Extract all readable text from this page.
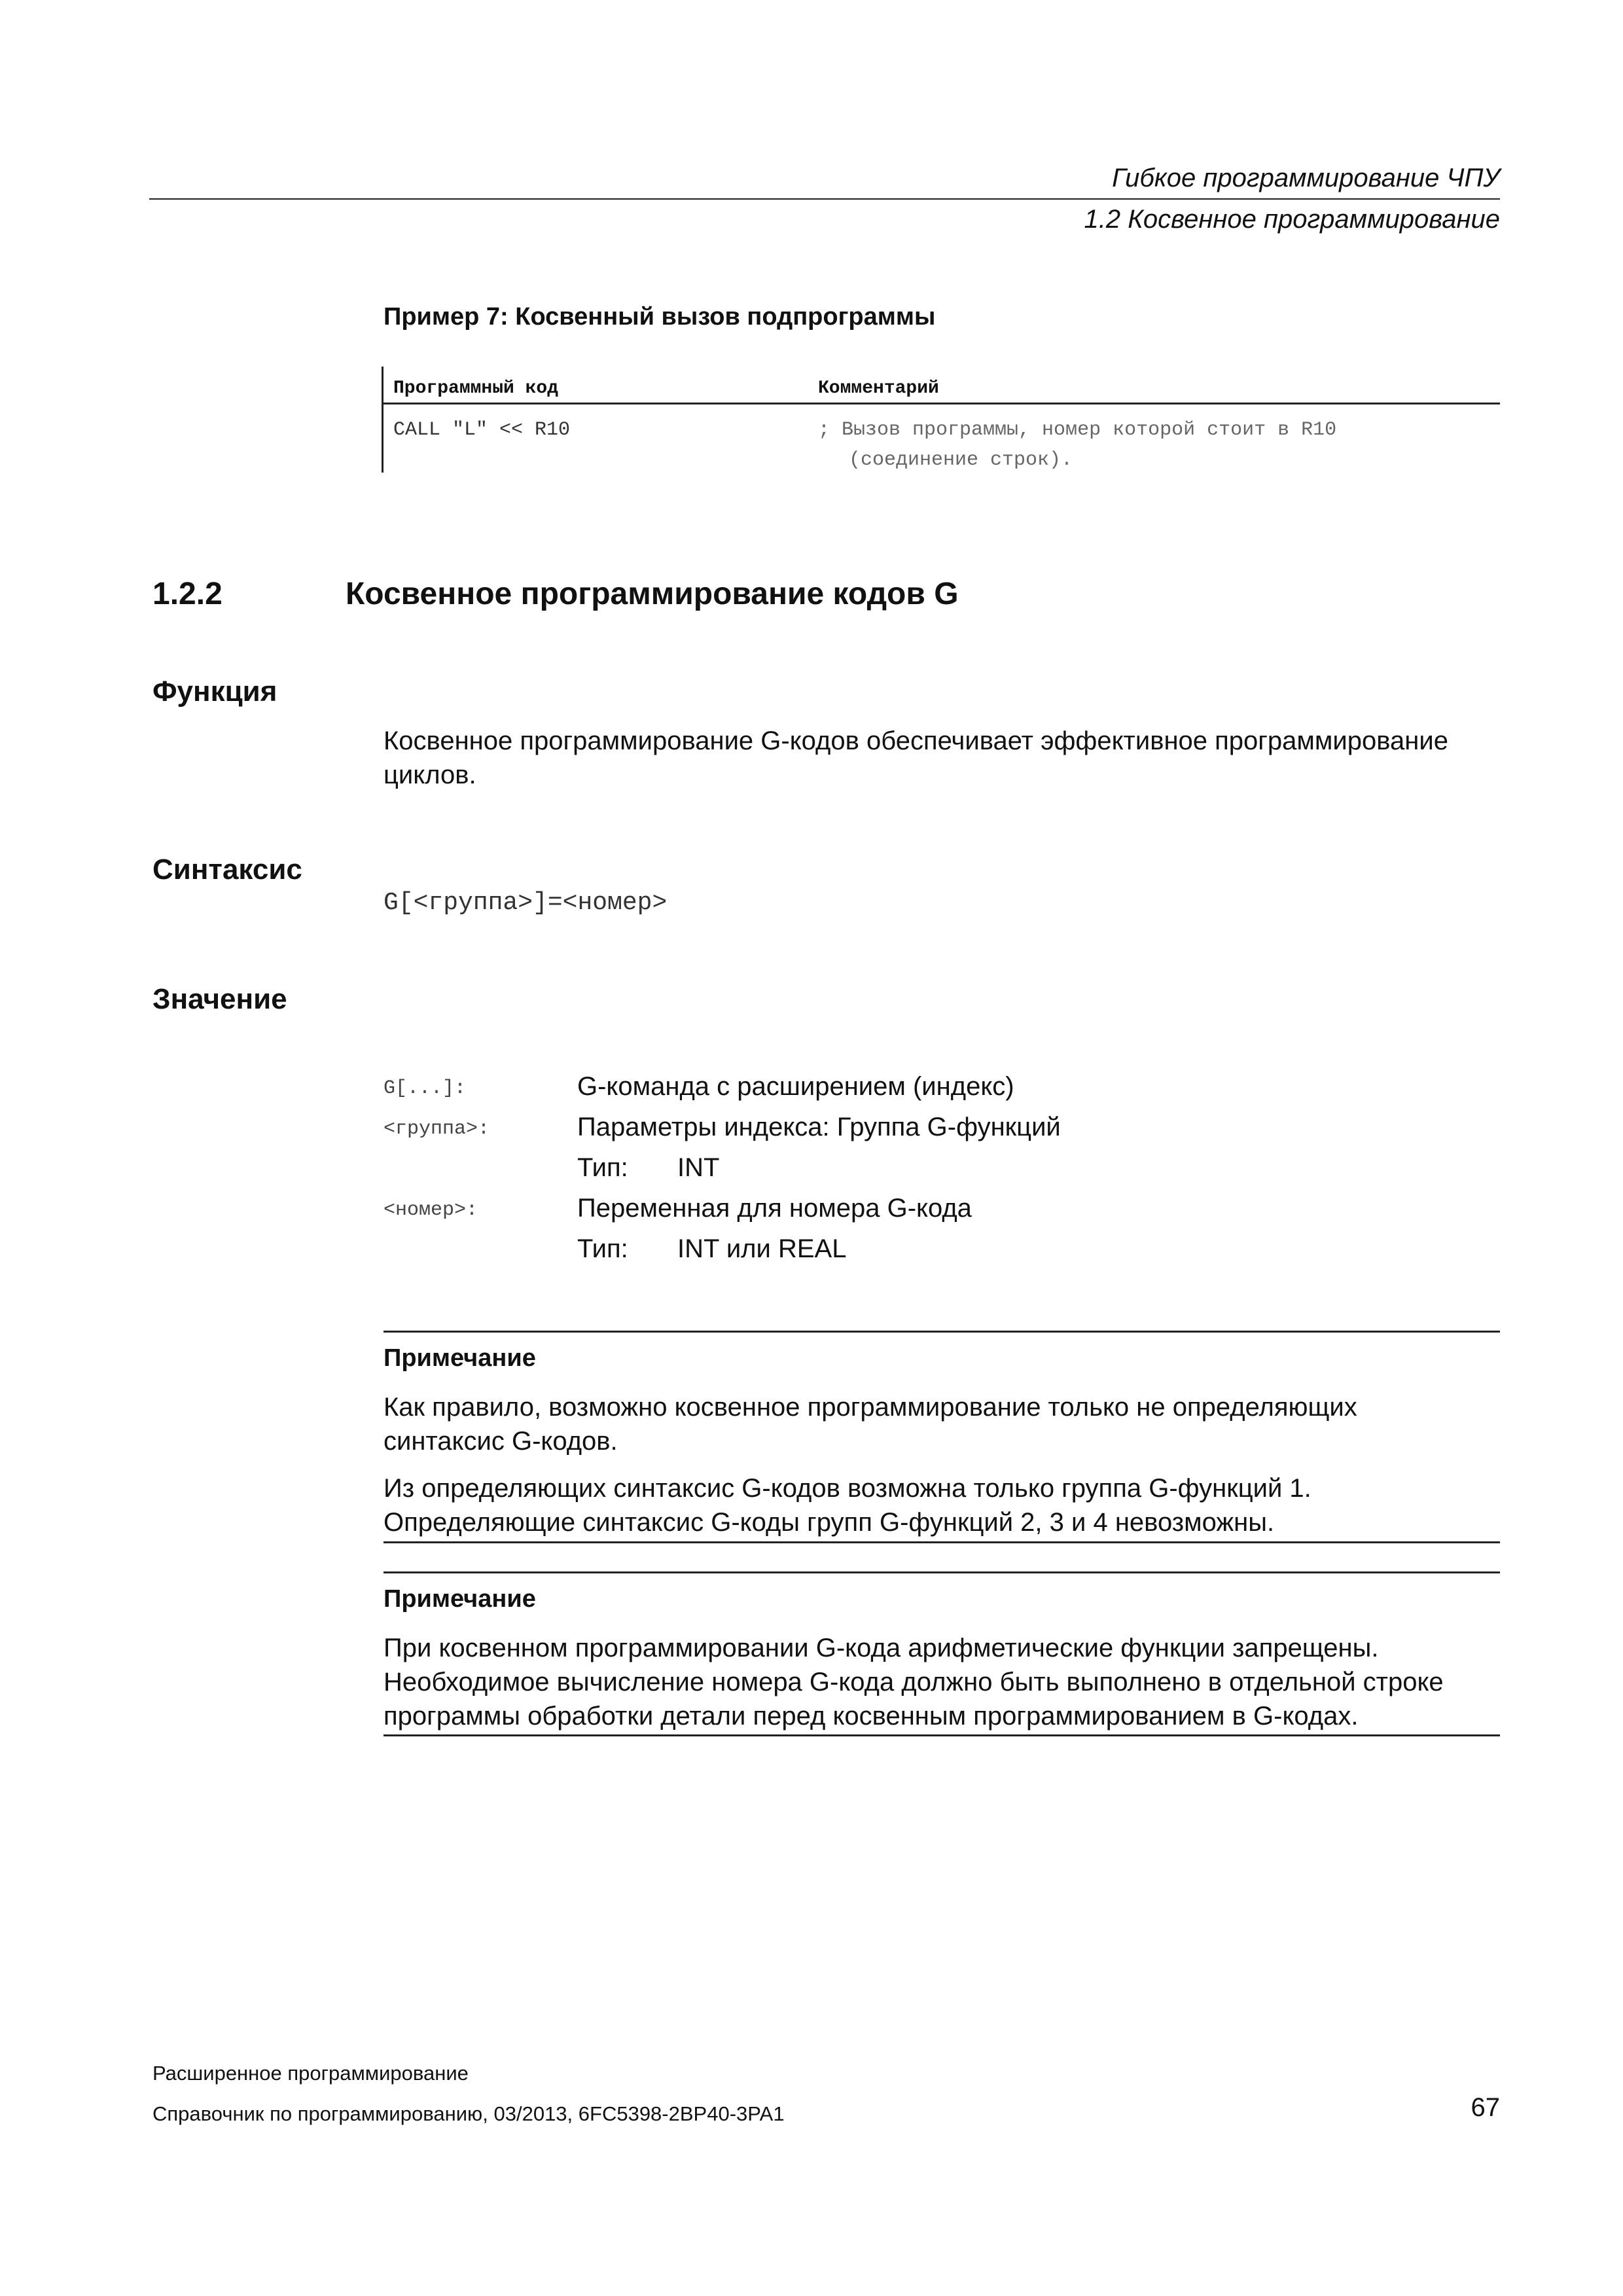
Гибкое программирование ЧПУ
1.2 Косвенное программирование
Пример 7: Косвенный вызов подпрограммы
Программный код	Комментарий
CALL "L" << R10	; Вызов программы, номер которой стоит в R10
(соединение строк).
1.2.2	Косвенное программирование кодов G
Функция
Косвенное программирование G-кодов обеспечивает эффективное программирование
циклов.
Синтаксис
G[<группа>]=<номер>
Значение
G[...]:	G-команда с расширением (индекс)
<группа>:	Параметры индекса: Группа G-функций
Тип: INT
<номер>:	Переменная для номера G-кода
Тип: INT или REAL
Примечание
Как правило, возможно косвенное программирование только не определяющих
синтаксис G-кодов.
Из определяющих синтаксис G-кодов возможна только группа G-функций 1.
Определяющие синтаксис G-коды групп G-функций 2, 3 и 4 невозможны.
Примечание
При косвенном программировании G-кода арифметические функции запрещены.
Необходимое вычисление номера G-кода должно быть выполнено в отдельной строке
программы обработки детали перед косвенным программированием в G-кодах.
Расширенное программирование
Справочник по программированию, 03/2013, 6FC5398-2BP40-3PA1	67
